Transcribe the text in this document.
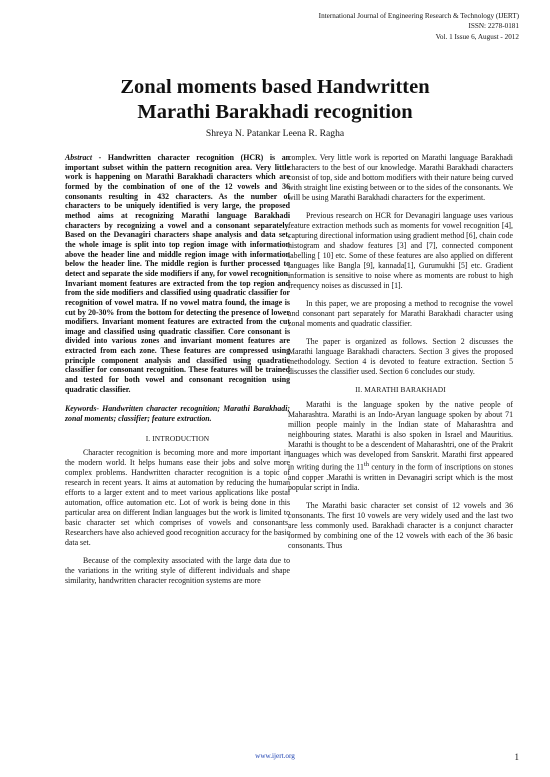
International Journal of Engineering Research & Technology (IJERT)
ISSN: 2278-0181
Vol. 1 Issue 6, August - 2012
Zonal moments based Handwritten
Marathi Barakhadi recognition
Shreya N. Patankar Leena R. Ragha

Abstract - Handwritten character recognition (HCR) is an important subset within the pattern recognition area. Very little work is happening on Marathi Barakhadi characters which are formed by the combination of one of the 12 vowels and 36 consonants resulting in 432 characters. As the number of characters to be uniquely identified is very large, the proposed method aims at recognizing Marathi language Barakhadi characters by recognizing a vowel and a consonant separately. Based on the Devanagiri characters shape analysis and data set, the whole image is split into top region image with information above the header line and middle region image with information below the header line. The middle region is further processed to detect and separate the side modifiers if any, for vowel recognition. Invariant moment features are extracted from the top region and from the side modifiers and classified using quadratic classifier for recognition of vowel matra. If no vowel matra found, the image is cut by 20-30% from the bottom for detecting the presence of lower modifiers. Invariant moment features are extracted from the cut image and classified using quadratic classifier. Core consonant is divided into various zones and invariant moment features are extracted from each zone. These features are compressed using principle component analysis and classified using quadratic classifier for consonant recognition. These features will be trained and tested for both vowel and consonant recognition using quadratic classifier.

Keywords- Handwritten character recognition; Marathi Barakhadi; zonal moments; classifier; feature extraction.

I. INTRODUCTION

Character recognition is becoming more and more important in the modern world. It helps humans ease their jobs and solve more complex problems. Handwritten character recognition is a topic of research in recent years. It aims at automation by reducing the human efforts to a larger extent and to meet various applications like postal automation, office automation etc. Lot of work is being done in this particular area on different Indian languages but the work is limited to basic character set which comprises of vowels and consonants. Researchers have also achieved good recognition accuracy for the basic data set.

Because of the complexity associated with the large data due to the variations in the writing style of different individuals and shape similarity, handwritten character recognition systems are more

complex. Very little work is reported on Marathi language Barakhadi characters to the best of our knowledge. Marathi Barakhadi characters consist of top, side and bottom modifiers with their nature being curved with straight line existing between or to the sides of the consonants. We will be using Marathi Barakhadi characters for the experiment.

Previous research on HCR for Devanagiri language uses various feature extraction methods such as moments for vowel recognition [4], capturing directional information using gradient method [6], chain code histogram and shadow features [3] and [7], connected component labelling [ 10] etc. Some of these features are also applied on different languages like Bangla [9], kannada[1], Gurumukhi [5] etc. Gradient information is sensitive to noise where as moments are robust to high frequency noises as discussed in [1].

In this paper, we are proposing a method to recognise the vowel and consonant part separately for Marathi Barakhadi character using zonal moments and quadratic classifier.

The paper is organized as follows. Section 2 discusses the Marathi language Barakhadi characters. Section 3 gives the proposed methodology. Section 4 is devoted to feature extraction. Section 5 discusses the classifier used. Section 6 concludes our study.

II. MARATHI BARAKHADI

Marathi is the language spoken by the native people of Maharashtra. Marathi is an Indo-Aryan language spoken by about 71 million people mainly in the Indian state of Maharashtra and neighbouring states. Marathi is also spoken in Israel and Mauritius. Marathi is thought to be a descendent of Maharashtri, one of the Prakrit languages which was developed from Sanskrit. Marathi first appeared in writing during the 11th century in the form of inscriptions on stones and copper .Marathi is written in Devanagiri script which is the most popular script in India.

The Marathi basic character set consist of 12 vowels and 36 consonants. The first 10 vowels are very widely used and the last two are less commonly used. Barakhadi character is a conjunct character formed by combining one of the 12 vowels with each of the 36 basic consonants. Thus

www.ijert.org	1
